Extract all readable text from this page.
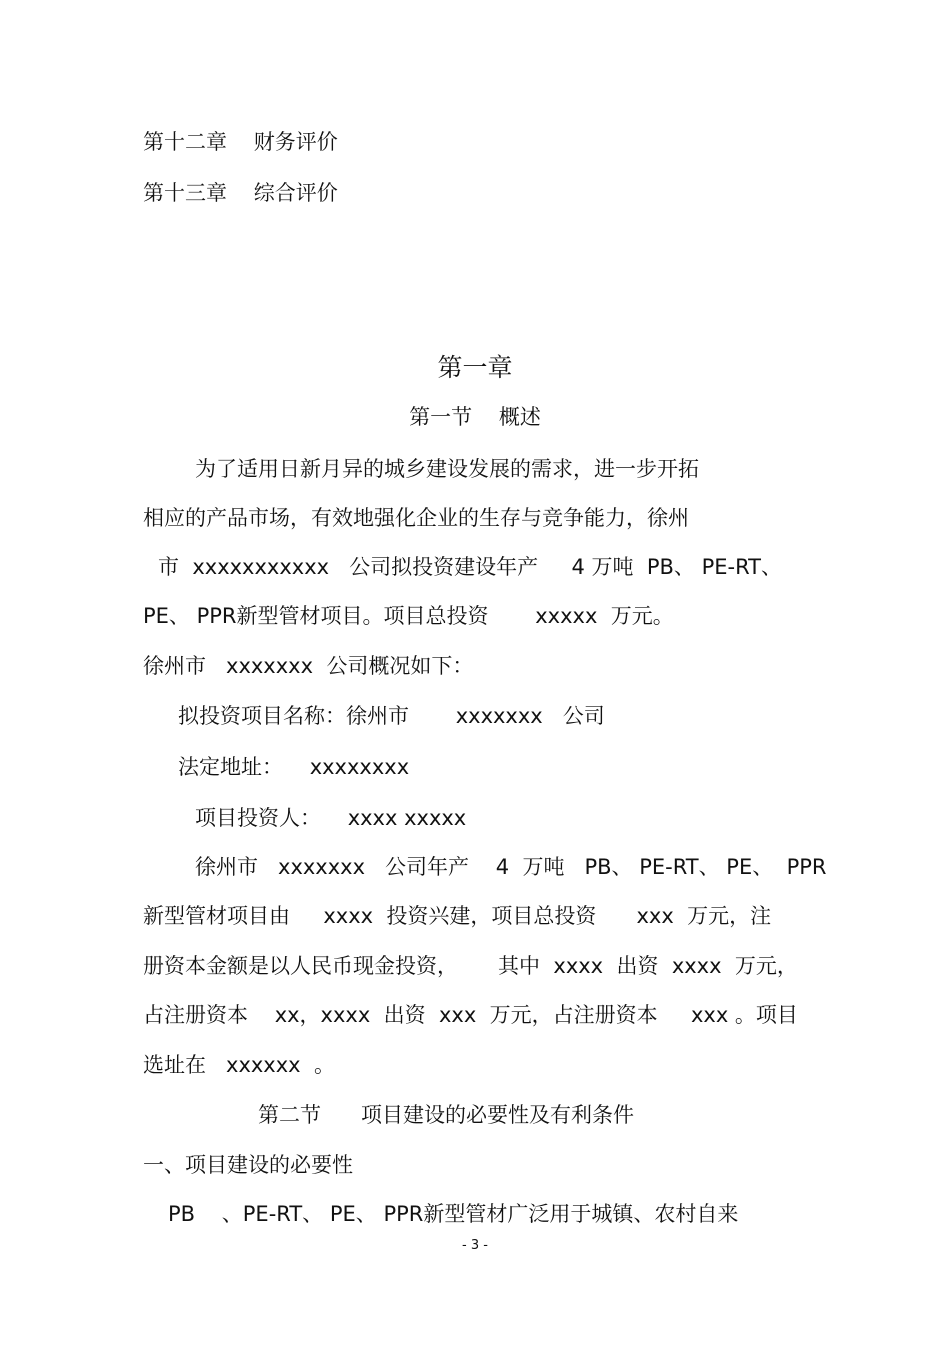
第十二章    财务评价
第十三章    综合评价
第一章
第一节    概述
为了适用日新月异的城乡建设发展的需求，进一步开拓
相应的产品市场，有效地强化企业的生存与竞争能力，徐州
市  xxxxxxxxxxx   公司拟投资建设年产     4 万吨  PB、 PE-RT、
PE、 PPR新型管材项目。项目总投资       xxxxx  万元。
徐州市   xxxxxxx  公司概况如下：
拟投资项目名称：徐州市       xxxxxxx   公司
法定地址：    xxxxxxxx
项目投资人：    xxxx xxxxx
徐州市   xxxxxxx   公司年产    4  万吨   PB、 PE-RT、 PE、  PPR
新型管材项目由     xxxx  投资兴建，项目总投资      xxx  万元，注
册资本金额是以人民币现金投资，      其中  xxxx  出资  xxxx  万元，
占注册资本    xx，xxxx  出资  xxx  万元，占注册资本     xxx 。项目
选址在   xxxxxx  。
第二节      项目建设的必要性及有利条件
一、项目建设的必要性
PB    、PE-RT、 PE、 PPR新型管材广泛用于城镇、农村自来
- 3 -
